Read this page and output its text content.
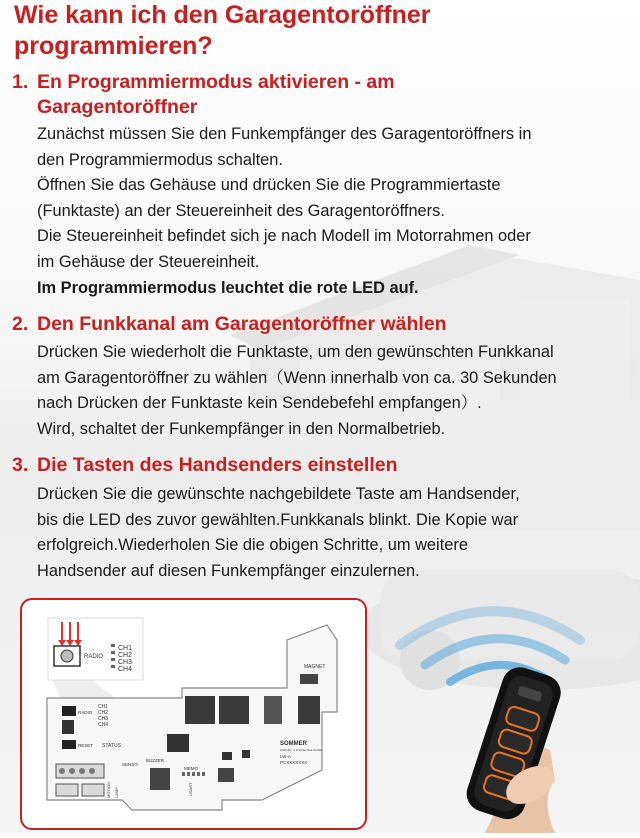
Wie kann ich den Garagentoröffner programmieren?
1. En Programmiermodus aktivieren - am
Garagentoröffner

Zunächst müssen Sie den Funkempfänger des Garagentoröffners in
den Programmiermodus schalten.
Öffnen Sie das Gehäuse und drücken Sie die Programmiertaste
(Funktaste) an der Steuereinheit des Garagentoröffners.
Die Steuereinheit befindet sich je nach Modell im Motorrahmen oder
im Gehäuse der Steuereinheit.
Im Programmiermodus leuchtet die rote LED auf.

2. Den Funkkanal am Garagentoröffner wählen

Drücken Sie wiederholt die Funktaste, um den gewünschten Funkkanal
am Garagentoröffner zu wählen（Wenn innerhalb von ca. 30 Sekunden
nach Drücken der Funktaste kein Sendebefehl empfangen）.
Wird, schaltet der Funkempfänger in den Normalbetrieb.

3. Die Tasten des Handsenders einstellen

Drücken Sie die gewünschte nachgebildete Taste am Handsender,
bis die LED des zuvor gewählten.Funkkanals blinkt. Die Kopie war
erfolgreich.Wiederholen Sie die obigen Schritte, um weitere
Handsender auf diesen Funkempfänger einzulernen.

RADIO
CH1
CH2
CH3
CH4
RADIO
CH1
CH2
CH3
CH4
RESET STATUS
MAGNET
SOMMER
Antriebs- u. Funktechnik GmbH
LW-A
PCXXXXXXX
SENSO
BUZZER
MEMO
USART
MOTION LAMP
